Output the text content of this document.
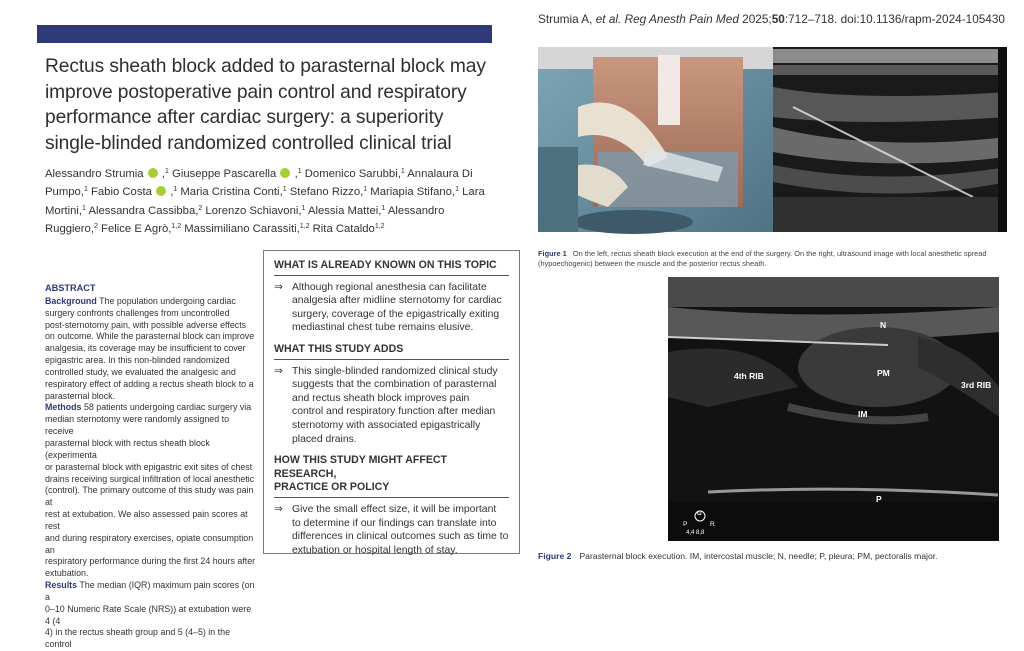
Strumia A, et al. Reg Anesth Pain Med 2025;50:712–718. doi:10.1136/rapm-2024-105430
Rectus sheath block added to parasternal block may improve postoperative pain control and respiratory performance after cardiac surgery: a superiority single-blinded randomized controlled clinical trial
Alessandro Strumia ,$^1$ Giuseppe Pascarella ,$^1$ Domenico Sarubbi,$^1$ Annalaura Di Pumpo,$^1$ Fabio Costa ,$^1$ Maria Cristina Conti,$^1$ Stefano Rizzo,$^1$ Mariapia Stifano,$^1$ Lara Mortini,$^1$ Alessandra Cassibba,$^2$ Lorenzo Schiavoni,$^1$ Alessia Mattei,$^1$ Alessandro Ruggiero,$^2$ Felice E Agrò,$^{1,2}$ Massimiliano Carassiti,$^{1,2}$ Rita Cataldo$^{1,2}$
ABSTRACT

Background The population undergoing cardiac
surgery confronts challenges from uncontrolled
post-sternotomy pain, with possible adverse effects
on outcome. While the parasternal block can improve
analgesia, its coverage may be insufficient to cover
epigastric area. In this non-blinded randomized
controlled study, we evaluated the analgesic and
respiratory effect of adding a rectus sheath block to a
parasternal block.

Methods 58 patients undergoing cardiac surgery via
median sternotomy were randomly assigned to receive
parasternal block with rectus sheath block (experimenta
or parasternal block with epigastric exit sites of chest
drains receiving surgical infiltration of local anesthetic
(control). The primary outcome of this study was pain at
rest at extubation. We also assessed pain scores at rest
and during respiratory exercises, opiate consumption an
respiratory performance during the first 24 hours after
extubation.

Results The median (IQR) maximum pain scores (on a
0–10 Numeric Rate Scale (NRS)) at extubation were 4 (4
4) in the rectus sheath group and 5 (4–5) in the control

WHAT IS ALREADY KNOWN ON THIS TOPIC
⇒ Although regional anesthesia can facilitate
analgesia after midline sternotomy for cardiac
surgery, coverage of the epigastrically exiting
mediastinal chest tube remains elusive.
WHAT THIS STUDY ADDS
⇒ This single-blinded randomized clinical study
suggests that the combination of parasternal
and rectus sheath block improves pain
control and respiratory function after median
sternotomy with associated epigastrically
placed drains.
HOW THIS STUDY MIGHT AFFECT RESEARCH,
PRACTICE OR POLICY
⇒ Give the small effect size, it will be important
to determine if our findings can translate into
differences in clinical outcomes such as time to
extubation or hospital length of stay.
Figure 1 On the left, rectus sheath block execution at the end of the surgery. On the right, ultrasound image with local anesthetic spread (hypoechogenic) between the muscle and the posterior rectus sheath.
N
4th RIB	PM
3rd RIB
IM
P
G
P	R
4,4 8,8
Figure 2 Parasternal block execution. IM, intercostal muscle; N, needle; P, pleura; PM, pectoralis major.
